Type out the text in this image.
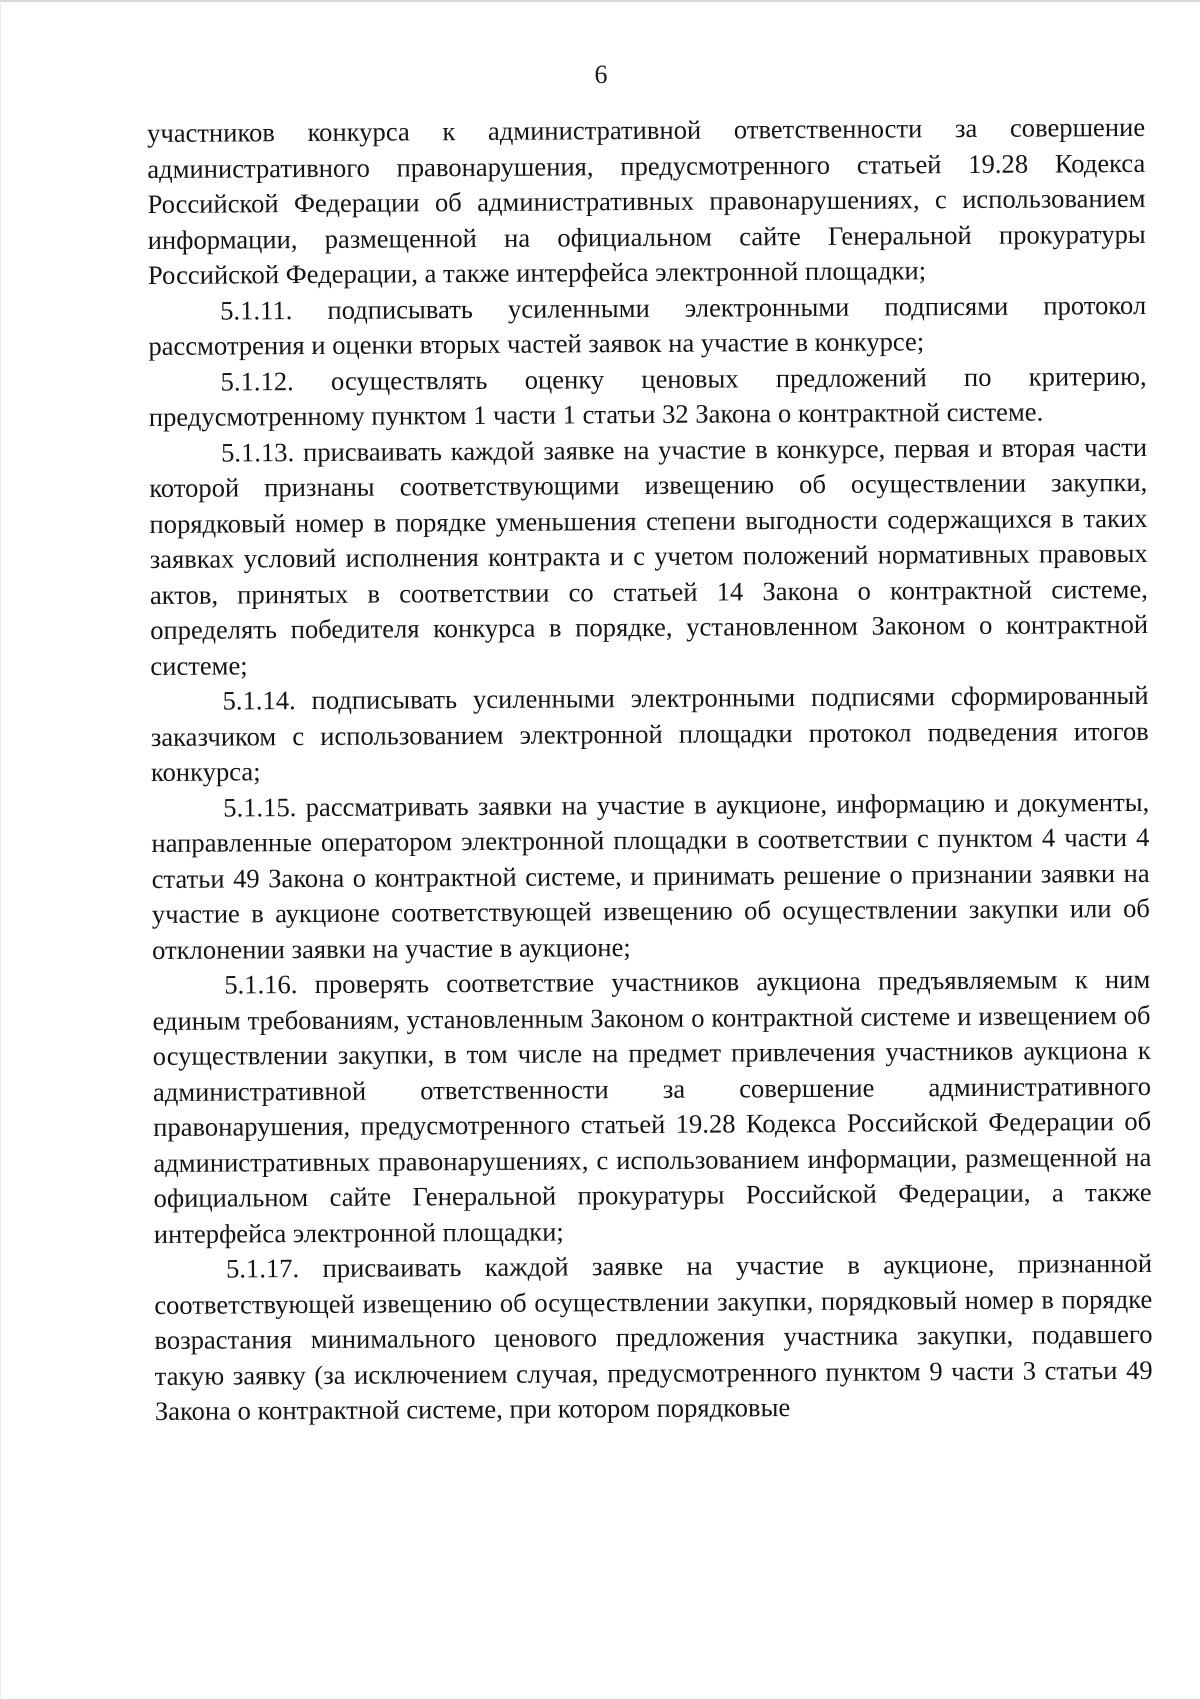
6

участников конкурса к административной ответственности за совершение административного правонарушения, предусмотренного статьей 19.28 Кодекса Российской Федерации об административных правонарушениях, с использованием информации, размещенной на официальном сайте Генеральной прокуратуры Российской Федерации, а также интерфейса электронной площадки;

5.1.11. подписывать усиленными электронными подписями протокол рассмотрения и оценки вторых частей заявок на участие в конкурсе;

5.1.12. осуществлять оценку ценовых предложений по критерию, предусмотренному пунктом 1 части 1 статьи 32 Закона о контрактной системе.

5.1.13. присваивать каждой заявке на участие в конкурсе, первая и вторая части которой признаны соответствующими извещению об осуществлении закупки, порядковый номер в порядке уменьшения степени выгодности содержащихся в таких заявках условий исполнения контракта и с учетом положений нормативных правовых актов, принятых в соответствии со статьей 14 Закона о контрактной системе, определять победителя конкурса в порядке, установленном Законом о контрактной системе;

5.1.14. подписывать усиленными электронными подписями сформированный заказчиком с использованием электронной площадки протокол подведения итогов конкурса;

5.1.15. рассматривать заявки на участие в аукционе, информацию и документы, направленные оператором электронной площадки в соответствии с пунктом 4 части 4 статьи 49 Закона о контрактной системе, и принимать решение о признании заявки на участие в аукционе соответствующей извещению об осуществлении закупки или об отклонении заявки на участие в аукционе;

5.1.16. проверять соответствие участников аукциона предъявляемым к ним единым требованиям, установленным Законом о контрактной системе и извещением об осуществлении закупки, в том числе на предмет привлечения участников аукциона к административной ответственности за совершение административного правонарушения, предусмотренного статьей 19.28 Кодекса Российской Федерации об административных правонарушениях, с использованием информации, размещенной на официальном сайте Генеральной прокуратуры Российской Федерации, а также интерфейса электронной площадки;

5.1.17. присваивать каждой заявке на участие в аукционе, признанной соответствующей извещению об осуществлении закупки, порядковый номер в порядке возрастания минимального ценового предложения участника закупки, подавшего такую заявку (за исключением случая, предусмотренного пунктом 9 части 3 статьи 49 Закона о контрактной системе, при котором порядковые
